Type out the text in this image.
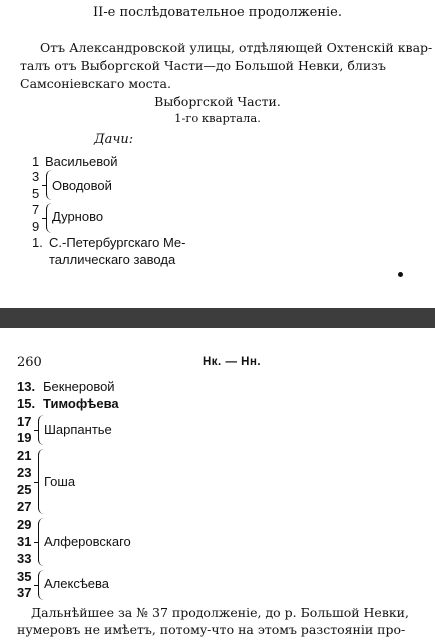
II-е послѣдовательное продолженіе.
Отъ Александровской улицы, отдѣляющей Охтенскій квар-
талъ отъ Выборгской Части—до Большой Невки, близъ
Самсоніевскаго моста.
Выборгской Части.
1-го квартала.
Дачи:
1 Васильевой
3
5
Оводовой
7
9
Дурново
1. С.-Петербургскаго Ме-
таллическаго завода
260	Нк. — Нн.
13. Бекнеровой
15. Тимофѣева
17
19
Шарпантье
21
23
25
27
Гоша
29
31
33
Алферовскаго
35
37
Алексѣева
Дальнѣйшее за № 37 продолженіе, до р. Большой Невки,
нумеровъ не имѣетъ, потому-что на этомъ разстояніи про-
